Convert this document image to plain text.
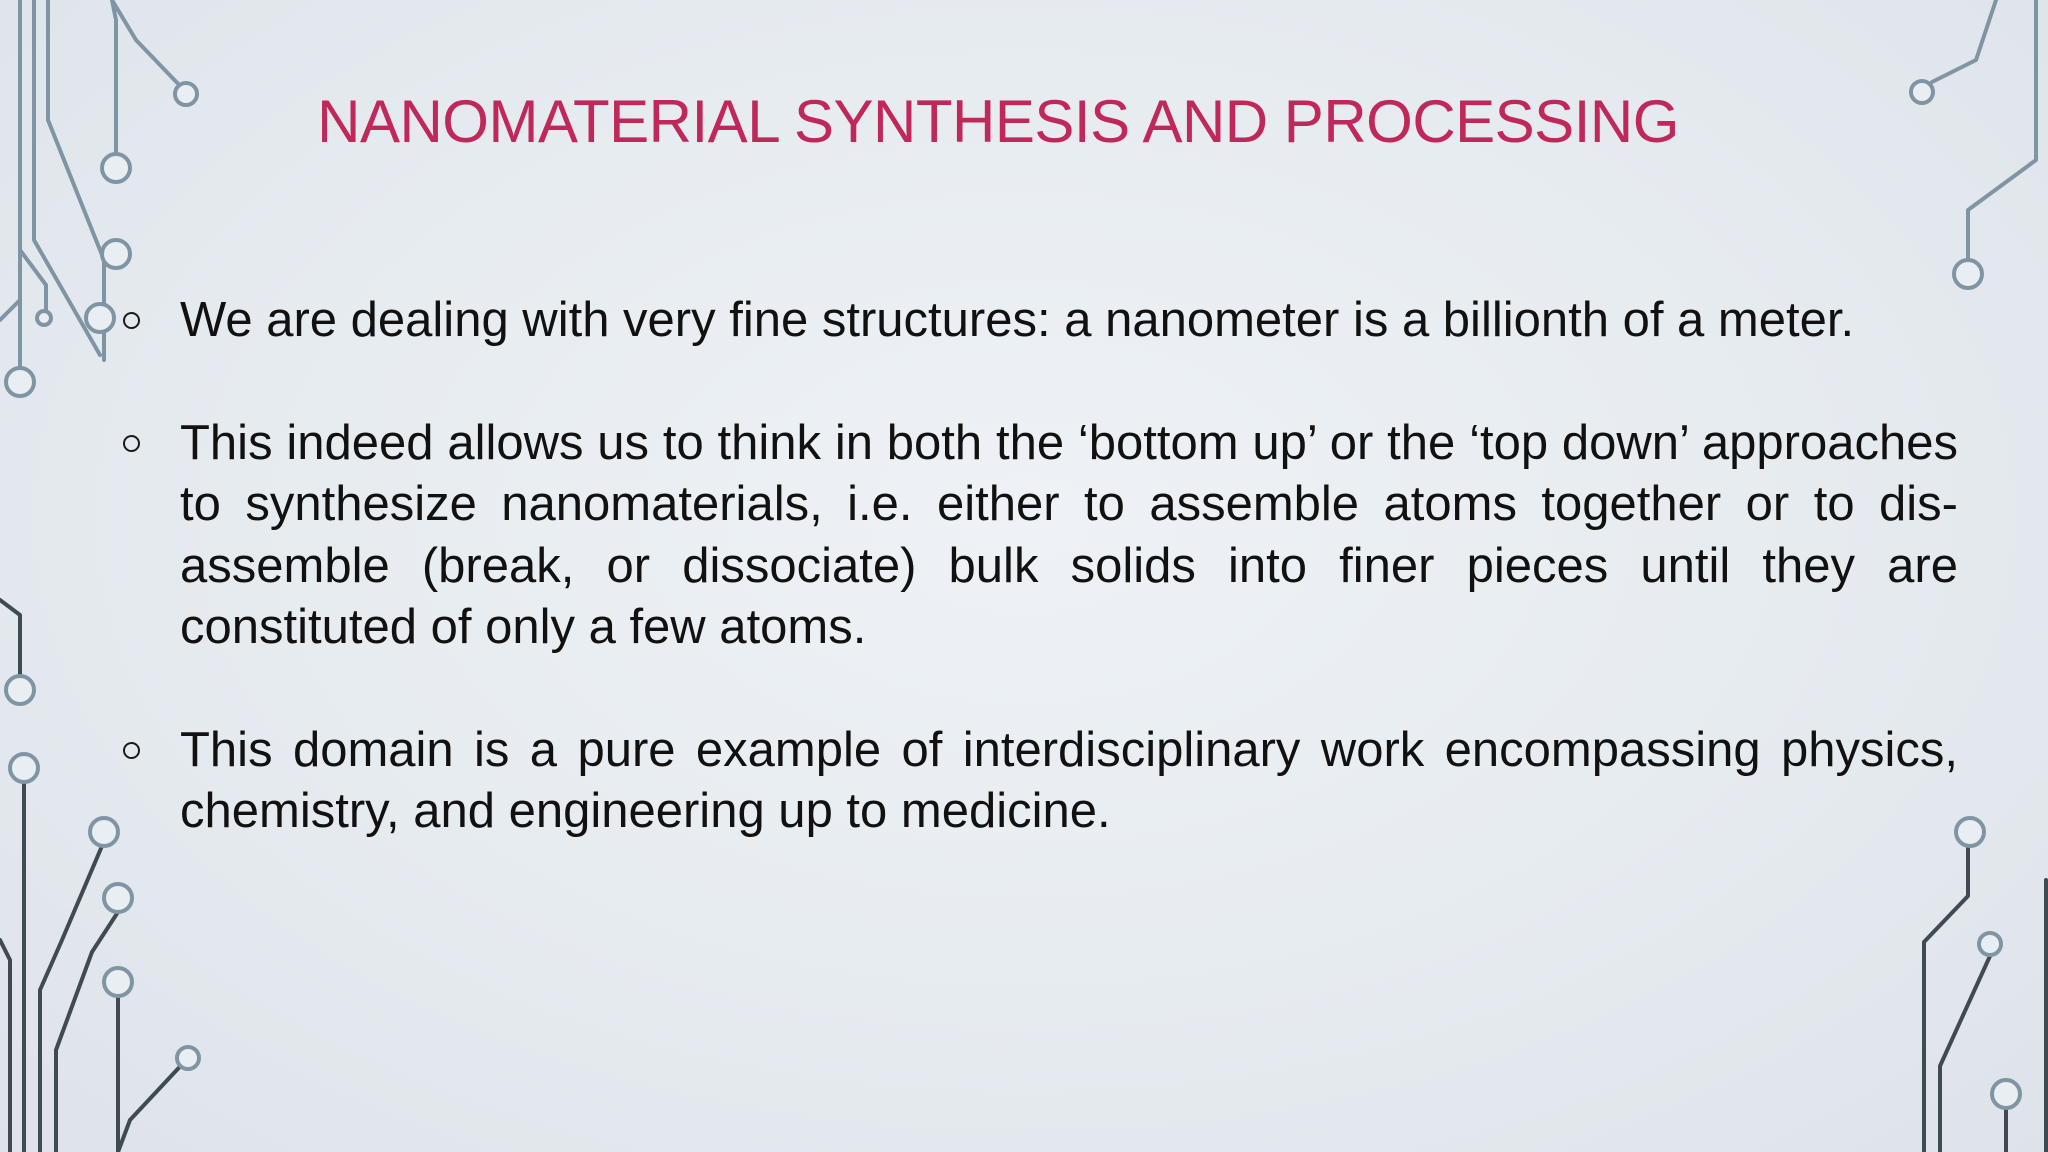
NANOMATERIAL SYNTHESIS AND PROCESSING
We are dealing with very fine structures: a nanometer is a billionth of a meter.
This indeed allows us to think in both the ‘bottom up’ or the ‘top down’ approaches to synthesize nanomaterials, i.e. either to assemble atoms together or to dis-assemble (break, or dissociate) bulk solids into finer pieces until they are constituted of only a few atoms.
This domain is a pure example of interdisciplinary work encompassing physics, chemistry, and engineering up to medicine.
